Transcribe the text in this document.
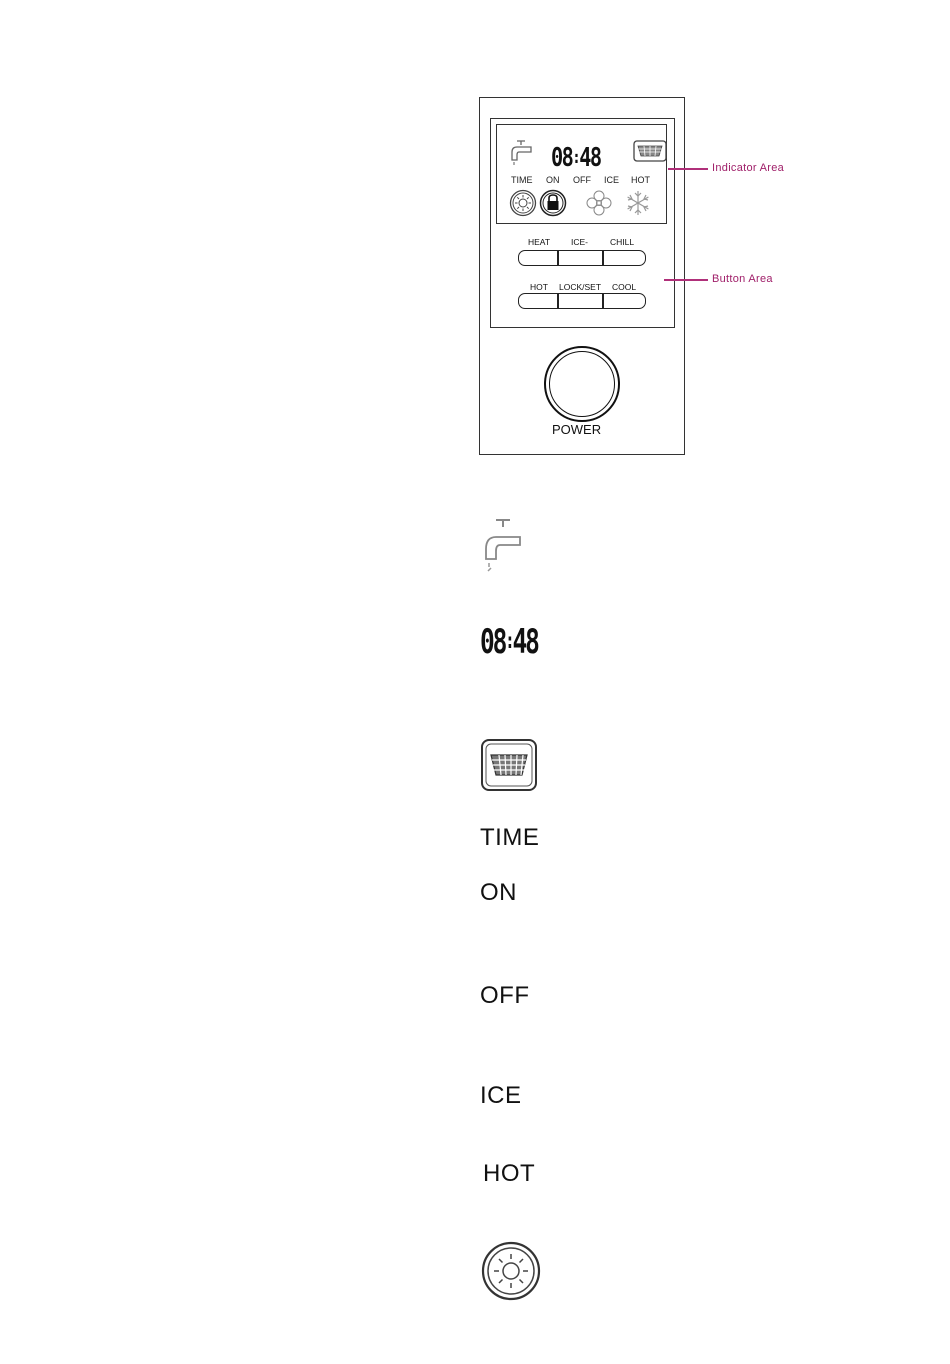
08:48
TIME ON OFF ICE HOT
HEAT ICE-	CHILL
HOT LOCK/SET COOL
POWER
Indicator Area
Button Area
08:48
TIME
ON
OFF
ICE
HOT
